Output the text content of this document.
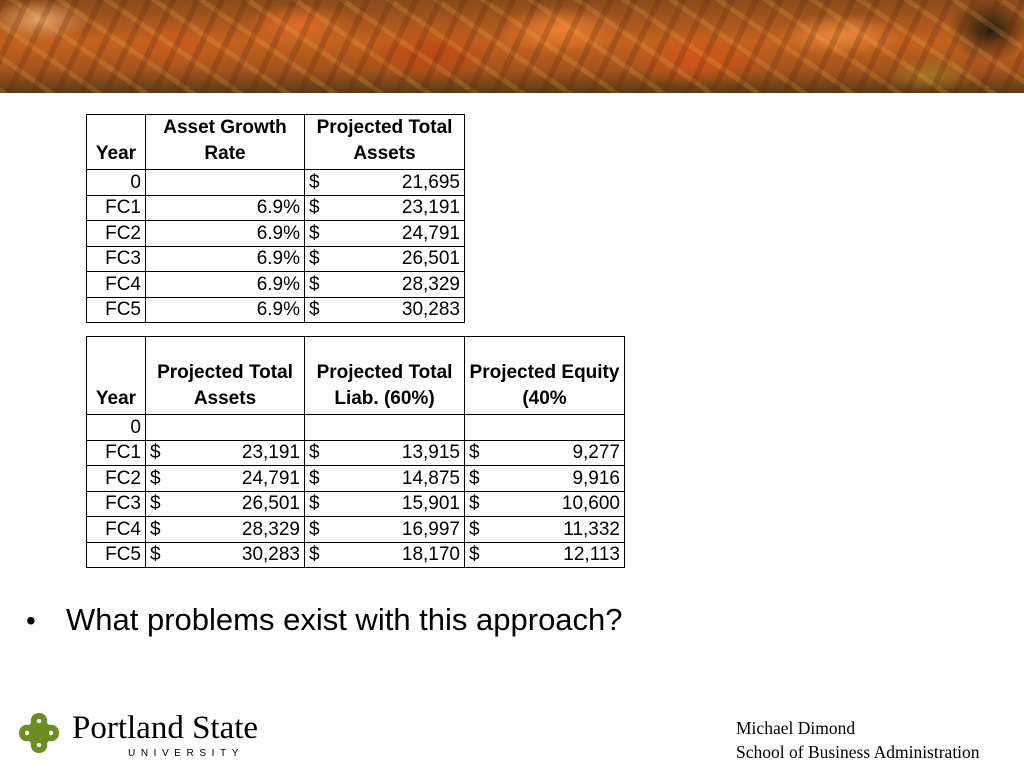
Year	Asset Growth Rate	Projected Total Assets
0		$ 21,695

FC1	6.9%	$ 23,191

FC2	6.9%	$ 24,791

FC3	6.9%	$ 26,501

FC4	6.9%	$ 28,329

FC5	6.9%	$ 30,283
Year	Projected Total Assets	Projected Total Liab. (60%)	Projected Equity (40%
0	

FC1	$ 23,191	$ 13,915	$ 9,277

FC2	$ 24,791	$ 14,875	$ 9,916

FC3	$ 26,501	$ 15,901	$ 10,600

FC4	$ 28,329	$ 16,997	$ 11,332

FC5	$ 30,283	$ 18,170	$ 12,113
• What problems exist with this approach?
Portland State
UNIVERSITY
Michael Dimond
School of Business Administration
